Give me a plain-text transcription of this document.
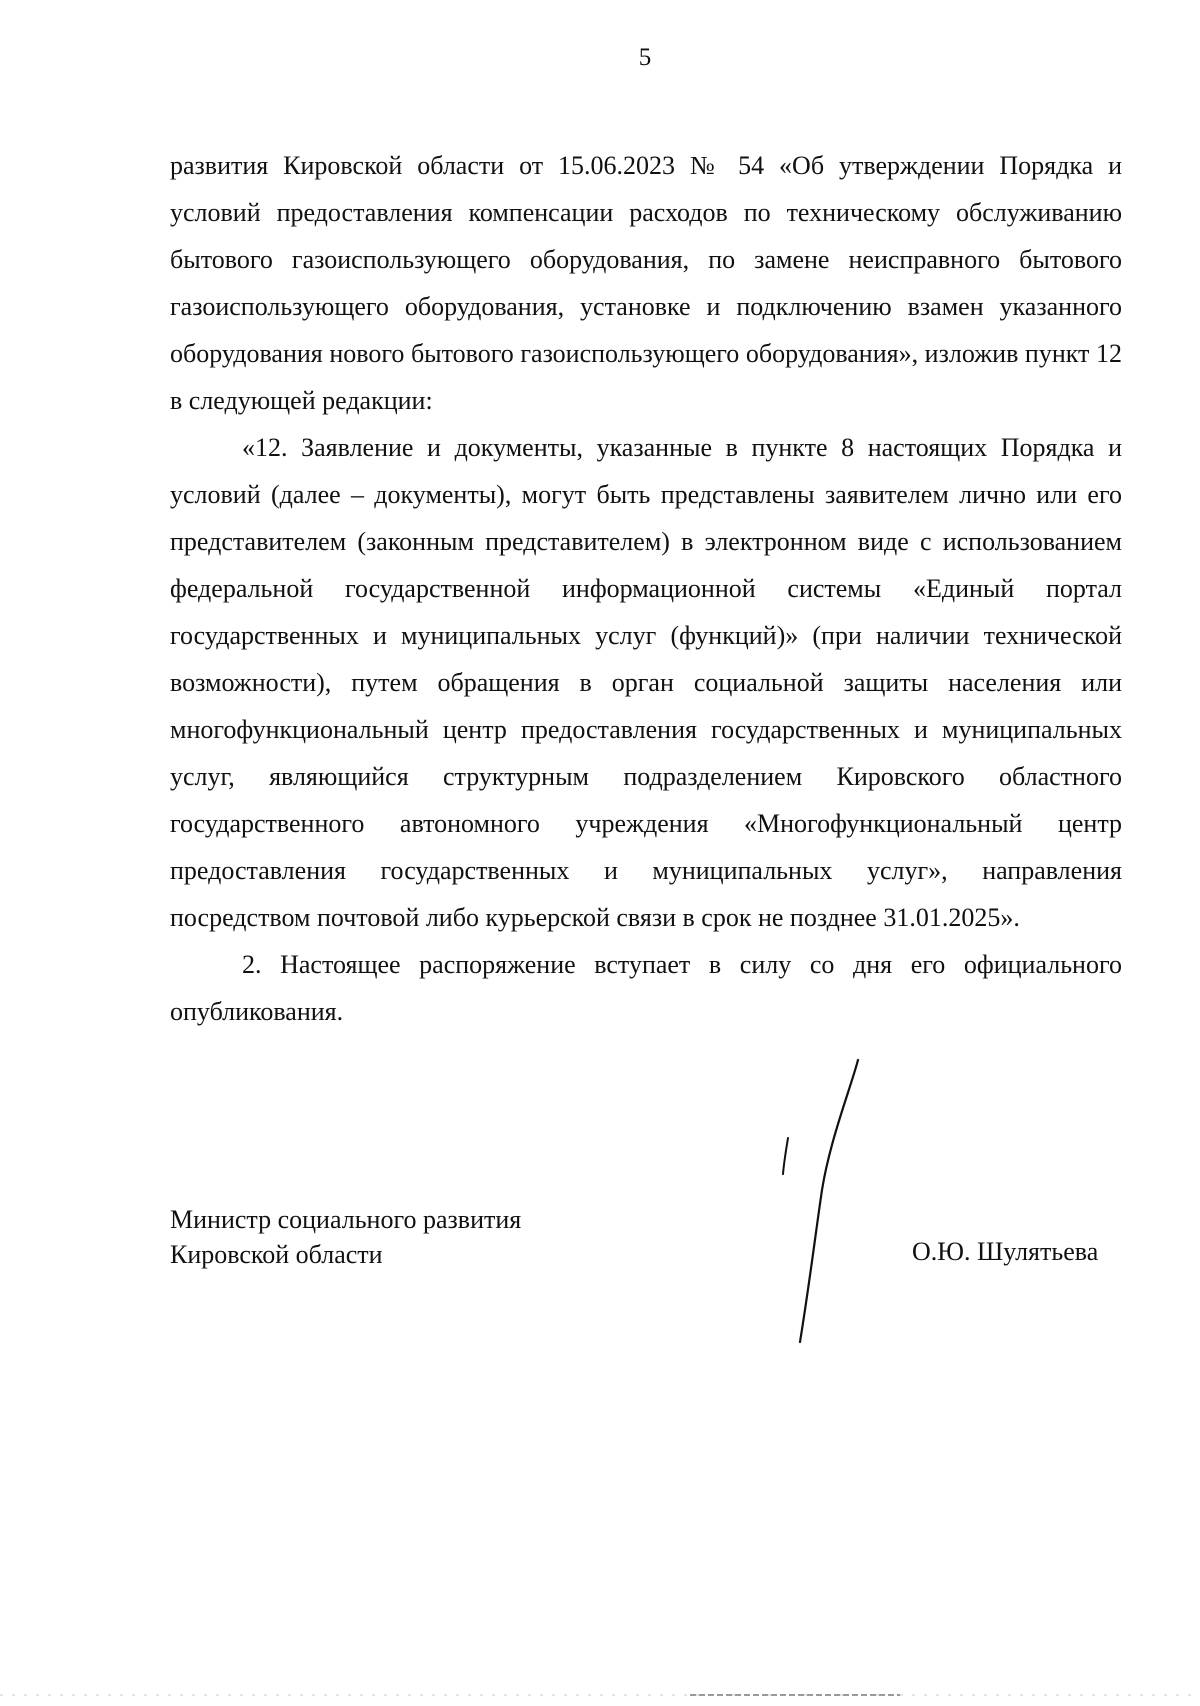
5

развития Кировской области от 15.06.2023 № 54 «Об утверждении Порядка и условий предоставления компенсации расходов по техническому обслуживанию бытового газоиспользующего оборудования, по замене неисправного бытового газоиспользующего оборудования, установке и подключению взамен указанного оборудования нового бытового газоиспользующего оборудования», изложив пункт 12 в следующей редакции:

«12. Заявление и документы, указанные в пункте 8 настоящих Порядка и условий (далее – документы), могут быть представлены заявителем лично или его представителем (законным представителем) в электронном виде с использованием федеральной государственной информационной системы «Единый портал государственных и муниципальных услуг (функций)» (при наличии технической возможности), путем обращения в орган социальной защиты населения или многофункциональный центр предоставления государственных и муниципальных услуг, являющийся структурным подразделением Кировского областного государственного автономного учреждения «Многофункциональный центр предоставления государственных и муниципальных услуг», направления посредством почтовой либо курьерской связи в срок не позднее 31.01.2025».

2. Настоящее распоряжение вступает в силу со дня его официального опубликования.

Министр социального развития
Кировской области	О.Ю. Шулятьева
